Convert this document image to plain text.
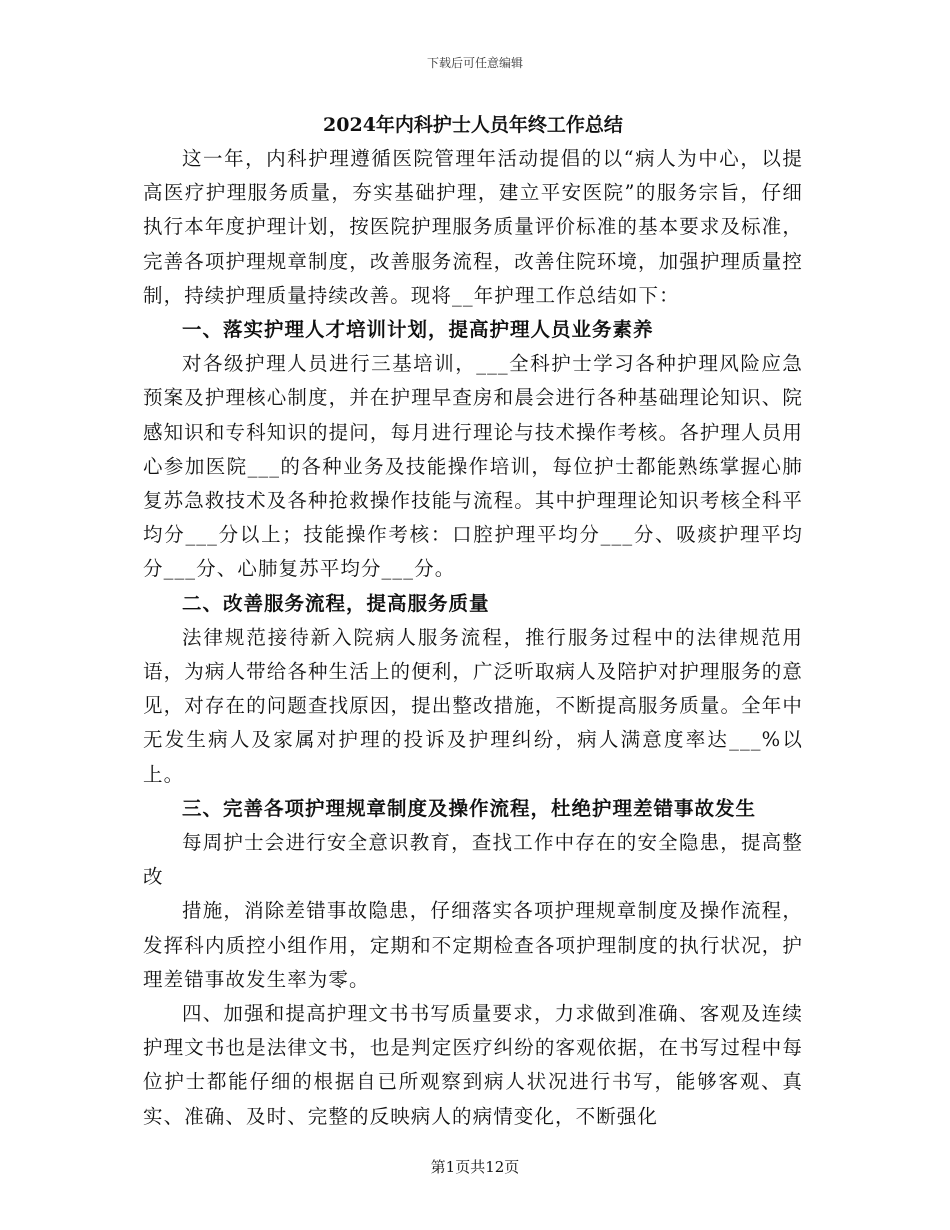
下载后可任意编辑

2024年内科护士人员年终工作总结

这一年，内科护理遵循医院管理年活动提倡的以“病人为中心，以提高医疗护理服务质量，夯实基础护理，建立平安医院”的服务宗旨，仔细执行本年度护理计划，按医院护理服务质量评价标准的基本要求及标准，完善各项护理规章制度，改善服务流程，改善住院环境，加强护理质量控制，持续护理质量持续改善。现将__年护理工作总结如下：

一、落实护理人才培训计划，提高护理人员业务素养

对各级护理人员进行三基培训，___全科护士学习各种护理风险应急预案及护理核心制度，并在护理早查房和晨会进行各种基础理论知识、院感知识和专科知识的提问，每月进行理论与技术操作考核。各护理人员用心参加医院___的各种业务及技能操作培训，每位护士都能熟练掌握心肺复苏急救技术及各种抢救操作技能与流程。其中护理理论知识考核全科平均分___分以上；技能操作考核：口腔护理平均分___分、吸痰护理平均分___分、心肺复苏平均分___分。

二、改善服务流程，提高服务质量

法律规范接待新入院病人服务流程，推行服务过程中的法律规范用语，为病人带给各种生活上的便利，广泛听取病人及陪护对护理服务的意见，对存在的问题查找原因，提出整改措施，不断提高服务质量。全年中无发生病人及家属对护理的投诉及护理纠纷，病人满意度率达___%以上。

三、完善各项护理规章制度及操作流程，杜绝护理差错事故发生

每周护士会进行安全意识教育，查找工作中存在的安全隐患，提高整改

措施，消除差错事故隐患，仔细落实各项护理规章制度及操作流程，发挥科内质控小组作用，定期和不定期检查各项护理制度的执行状况，护理差错事故发生率为零。

四、加强和提高护理文书书写质量要求，力求做到准确、客观及连续护理文书也是法律文书，也是判定医疗纠纷的客观依据，在书写过程中每位护士都能仔细的根据自已所观察到病人状况进行书写，能够客观、真实、准确、及时、完整的反映病人的病情变化，不断强化

第1页共12页
